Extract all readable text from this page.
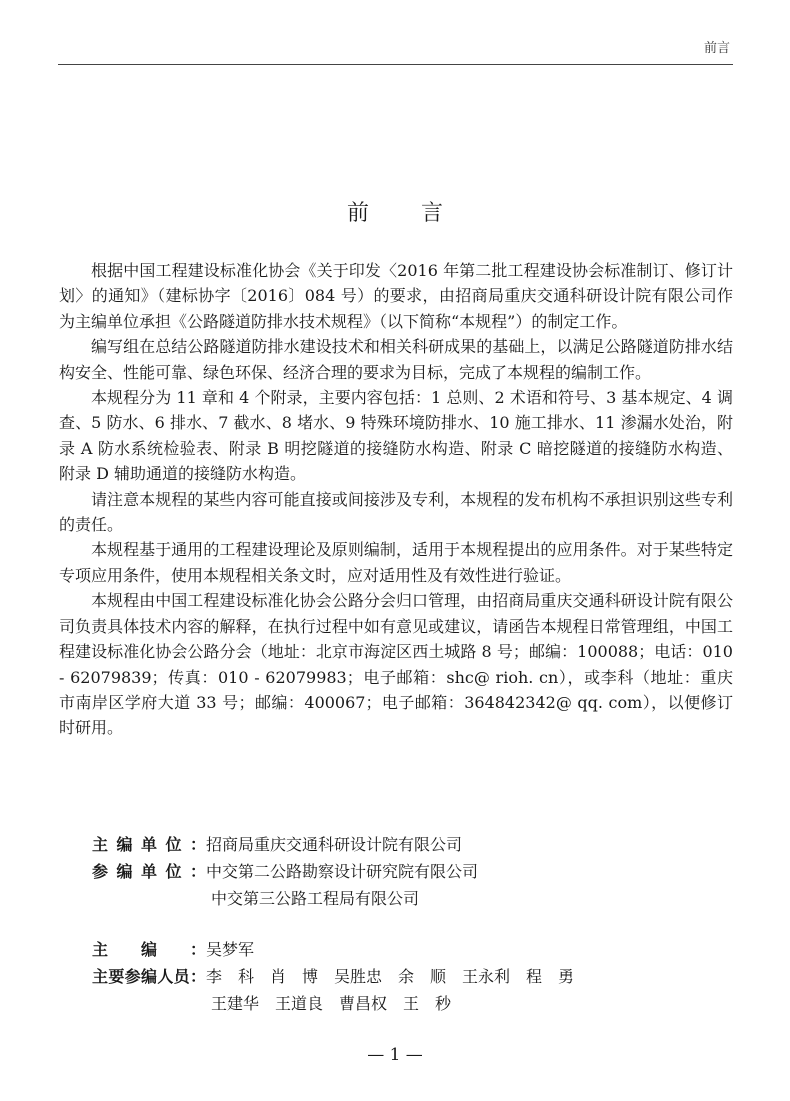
前言
前言

根据中国工程建设标准化协会《关于印发〈2016 年第二批工程建设协会标准制订、修订计划〉的通知》（建标协字〔2016〕084 号）的要求，由招商局重庆交通科研设计院有限公司作为主编单位承担《公路隧道防排水技术规程》（以下简称“本规程”）的制定工作。

编写组在总结公路隧道防排水建设技术和相关科研成果的基础上，以满足公路隧道防排水结构安全、性能可靠、绿色环保、经济合理的要求为目标，完成了本规程的编制工作。

本规程分为 11 章和 4 个附录，主要内容包括：1 总则、2 术语和符号、3 基本规定、4 调查、5 防水、6 排水、7 截水、8 堵水、9 特殊环境防排水、10 施工排水、11 渗漏水处治，附录 A 防水系统检验表、附录 B 明挖隧道的接缝防水构造、附录 C 暗挖隧道的接缝防水构造、附录 D 辅助通道的接缝防水构造。

请注意本规程的某些内容可能直接或间接涉及专利，本规程的发布机构不承担识别这些专利的责任。

本规程基于通用的工程建设理论及原则编制，适用于本规程提出的应用条件。对于某些特定专项应用条件，使用本规程相关条文时，应对适用性及有效性进行验证。

本规程由中国工程建设标准化协会公路分会归口管理，由招商局重庆交通科研设计院有限公司负责具体技术内容的解释，在执行过程中如有意见或建议，请函告本规程日常管理组，中国工程建设标准化协会公路分会（地址：北京市海淀区西土城路 8 号；邮编：100088；电话：010 - 62079839；传真：010 - 62079983；电子邮箱：shc@ rioh. cn），或李科（地址：重庆市南岸区学府大道 33 号；邮编：400067；电子邮箱：364842342@ qq. com），以便修订时研用。

主编单位： 招商局重庆交通科研设计院有限公司
参编单位： 中交第二公路勘察设计研究院有限公司
中交第三公路工程局有限公司
主编： 吴梦军
主要参编人员： 李　科　肖　博　吴胜忠　余　顺　王永利　程　勇
王建华　王道良　曹昌权　王　秒
— 1 —
